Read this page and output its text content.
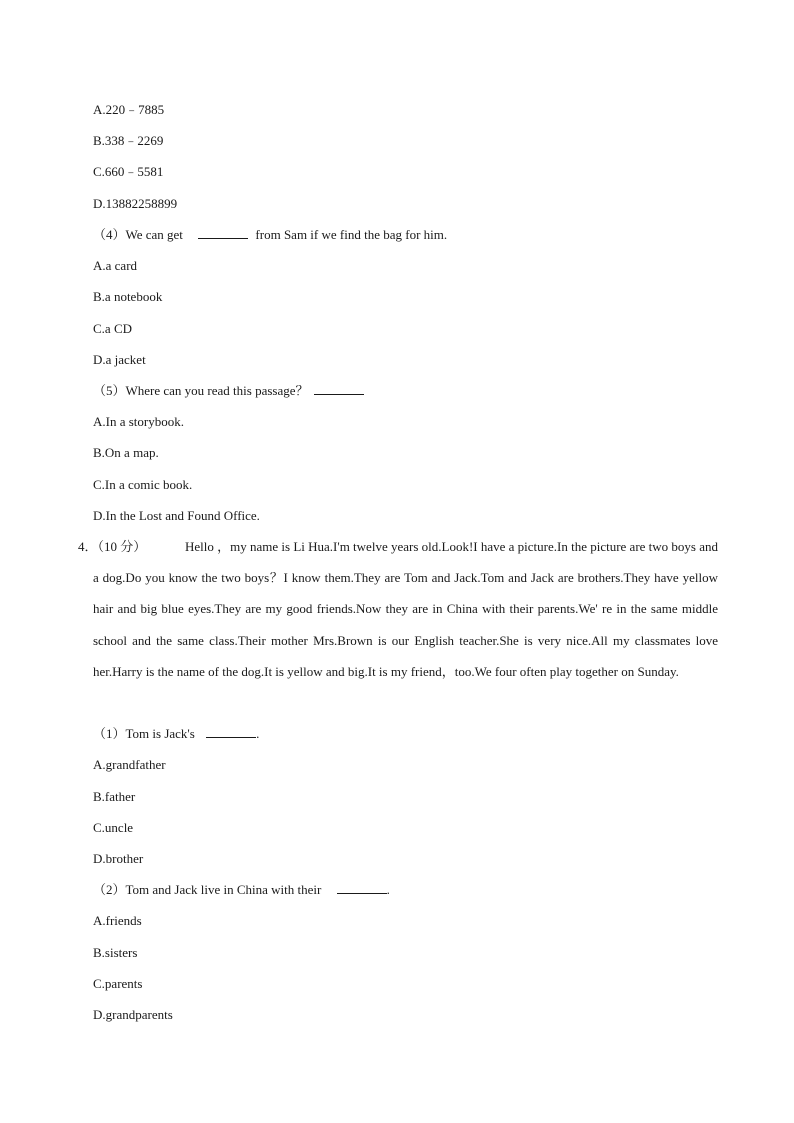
A.220﹣7885
B.338﹣2269
C.660﹣5581
D.13882258899
（4）We can get	from Sam if we find the bag for him.
A.a card
B.a notebook
C.a CD
D.a jacket
（5）Where can you read this passage？
A.In a storybook.
B.On a map.
C.In a comic book.
D.In the Lost and Found Office.
4．（10 分）	Hello ，my name is Li Hua.I'm twelve years old.Look!I have a picture.In the picture are two boys and a dog.Do you know the two boys？I know them.They are Tom and Jack.Tom and Jack are brothers.They have yellow hair and big blue eyes.They are my good friends.Now they are in China with their parents.We' re in the same middle school and the same class.Their mother Mrs.Brown is our English teacher.She is very nice.All my classmates love her.Harry is the name of the dog.It is yellow and big.It is my friend，too.We four often play together on Sunday.
（1）Tom is Jack's	.
A.grandfather
B.father
C.uncle
D.brother
（2）Tom and Jack live in China with their	.
A.friends
B.sisters
C.parents
D.grandparents
